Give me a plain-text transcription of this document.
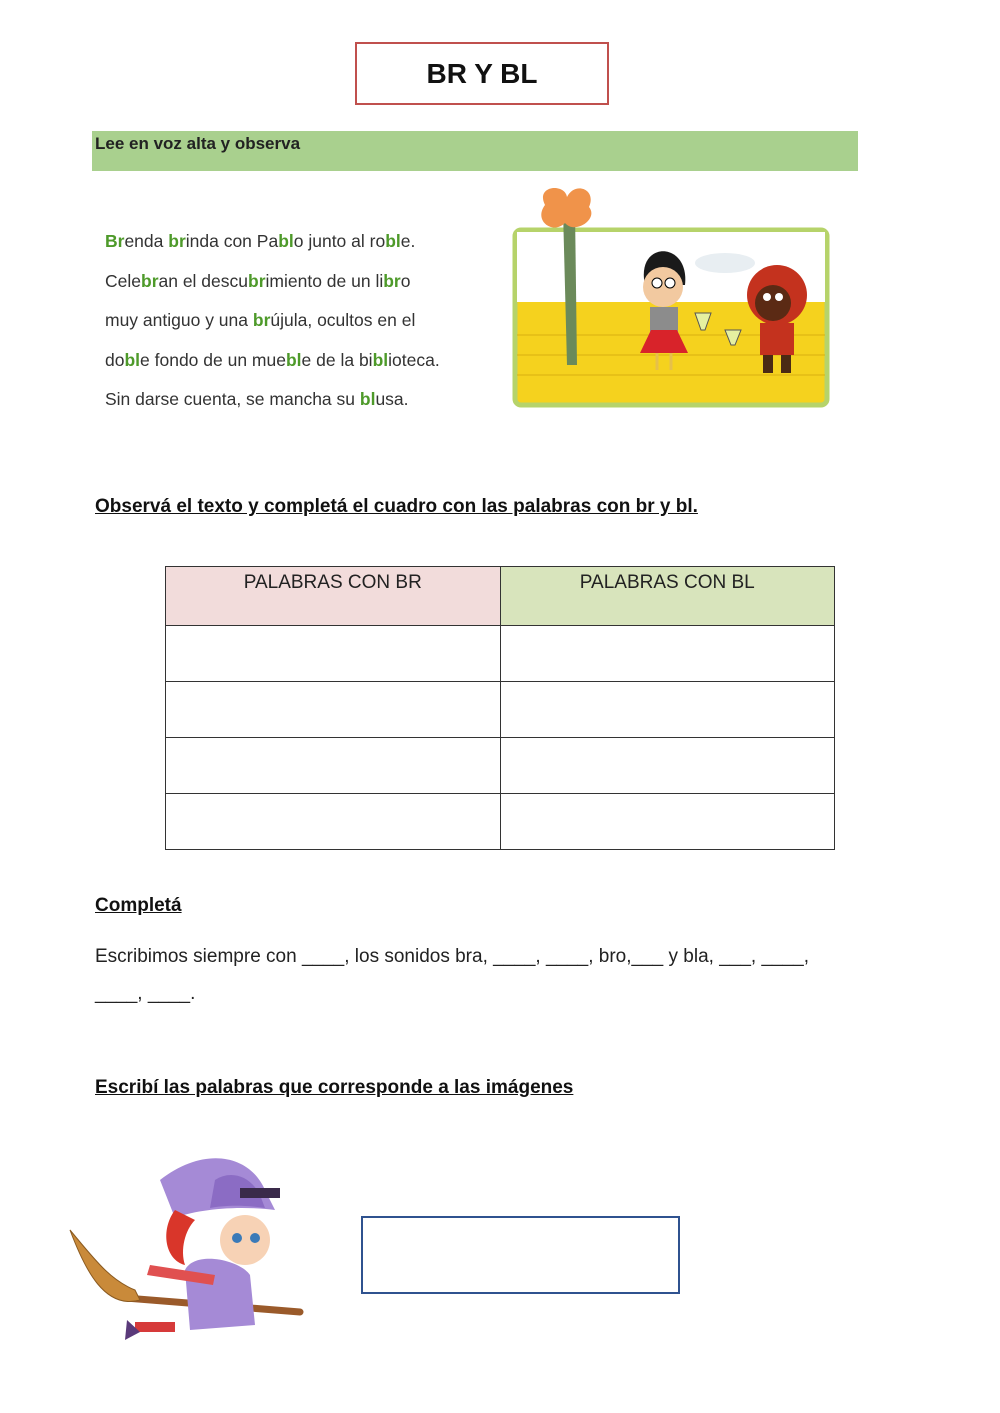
BR Y BL
Lee en voz alta y observa
Brenda brinda con Pablo junto al roble.
Celebran el descubrimiento de un libro
muy antiguo y una brújula, ocultos en el
doble fondo de un mueble de la biblioteca.
Sin darse cuenta, se mancha su blusa.
Observá el texto y completá el cuadro con las palabras con br y bl.
PALABRAS CON BR	PALABRAS CON BL

Completá
Escribimos siempre con ____, los sonidos bra, ____, ____, bro,___ y bla, ___, ____,
____, ____.
Escribí las palabras que corresponde a las imágenes
